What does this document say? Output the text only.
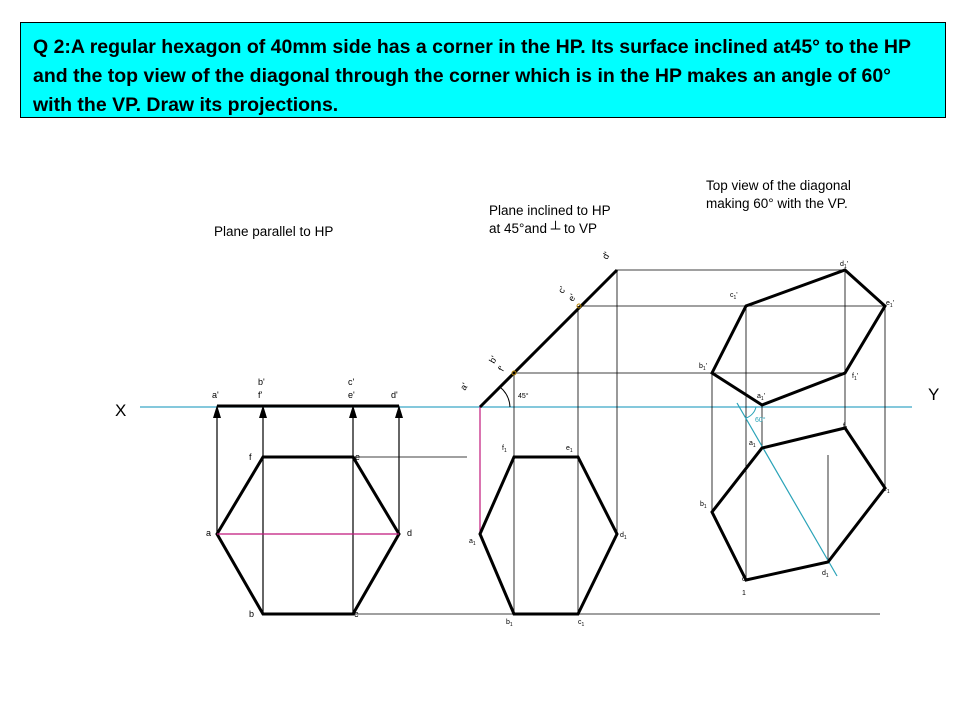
Q 2:A regular hexagon of 40mm side has a corner in the HP. Its surface inclined at45° to the HP and the top view of the diagonal through the corner which is in the HP makes an angle of 60° with the VP. Draw its projections.
Plane parallel to HP
Plane inclined to HP
at 45°and ┴ to VP
Top view of the diagonal
making 60° with the VP.
X
Y
a'
b'
f'
c'
e'	d'
f	e
a	d
b	c
45°
a'
b'
f'
c'
e'
d'
$f_1$	$e_1$
$a_1$
$d_1$
$b_1$	$c_1$
60°
$d_1'$
$c_1'$
$e_1'$
$b_1'$
$f_1'$
$a_1'$
$a_1$
$f_1$
$e_1$
$b_1$
$d_1$
c
1
